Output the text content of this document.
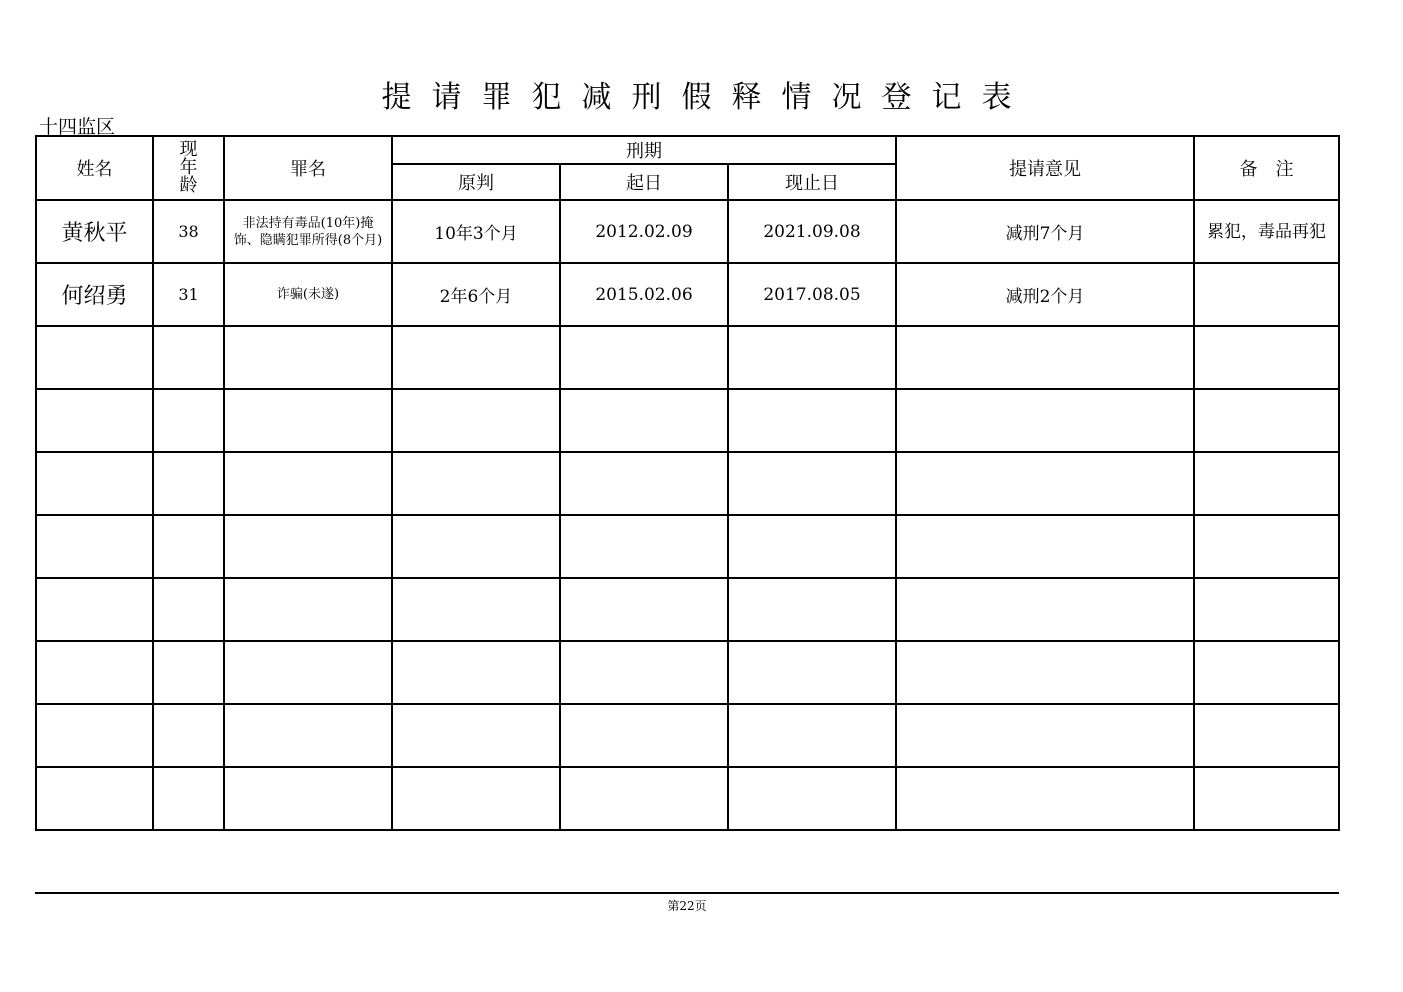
提请罪犯减刑假释情况登记表
十四监区
姓名	现年龄	罪名	刑期			提请意见	备　注
			原判	起日	现止日		
黄秋平	38	非法持有毒品(10年)掩饰、隐瞒犯罪所得(8个月)	10年3个月	2012.02.09	2021.09.08	减刑7个月	累犯，毒品再犯

何绍勇	31	诈骗(未遂)	2年6个月	2015.02.06	2017.08.05	减刑2个月	

第22页
